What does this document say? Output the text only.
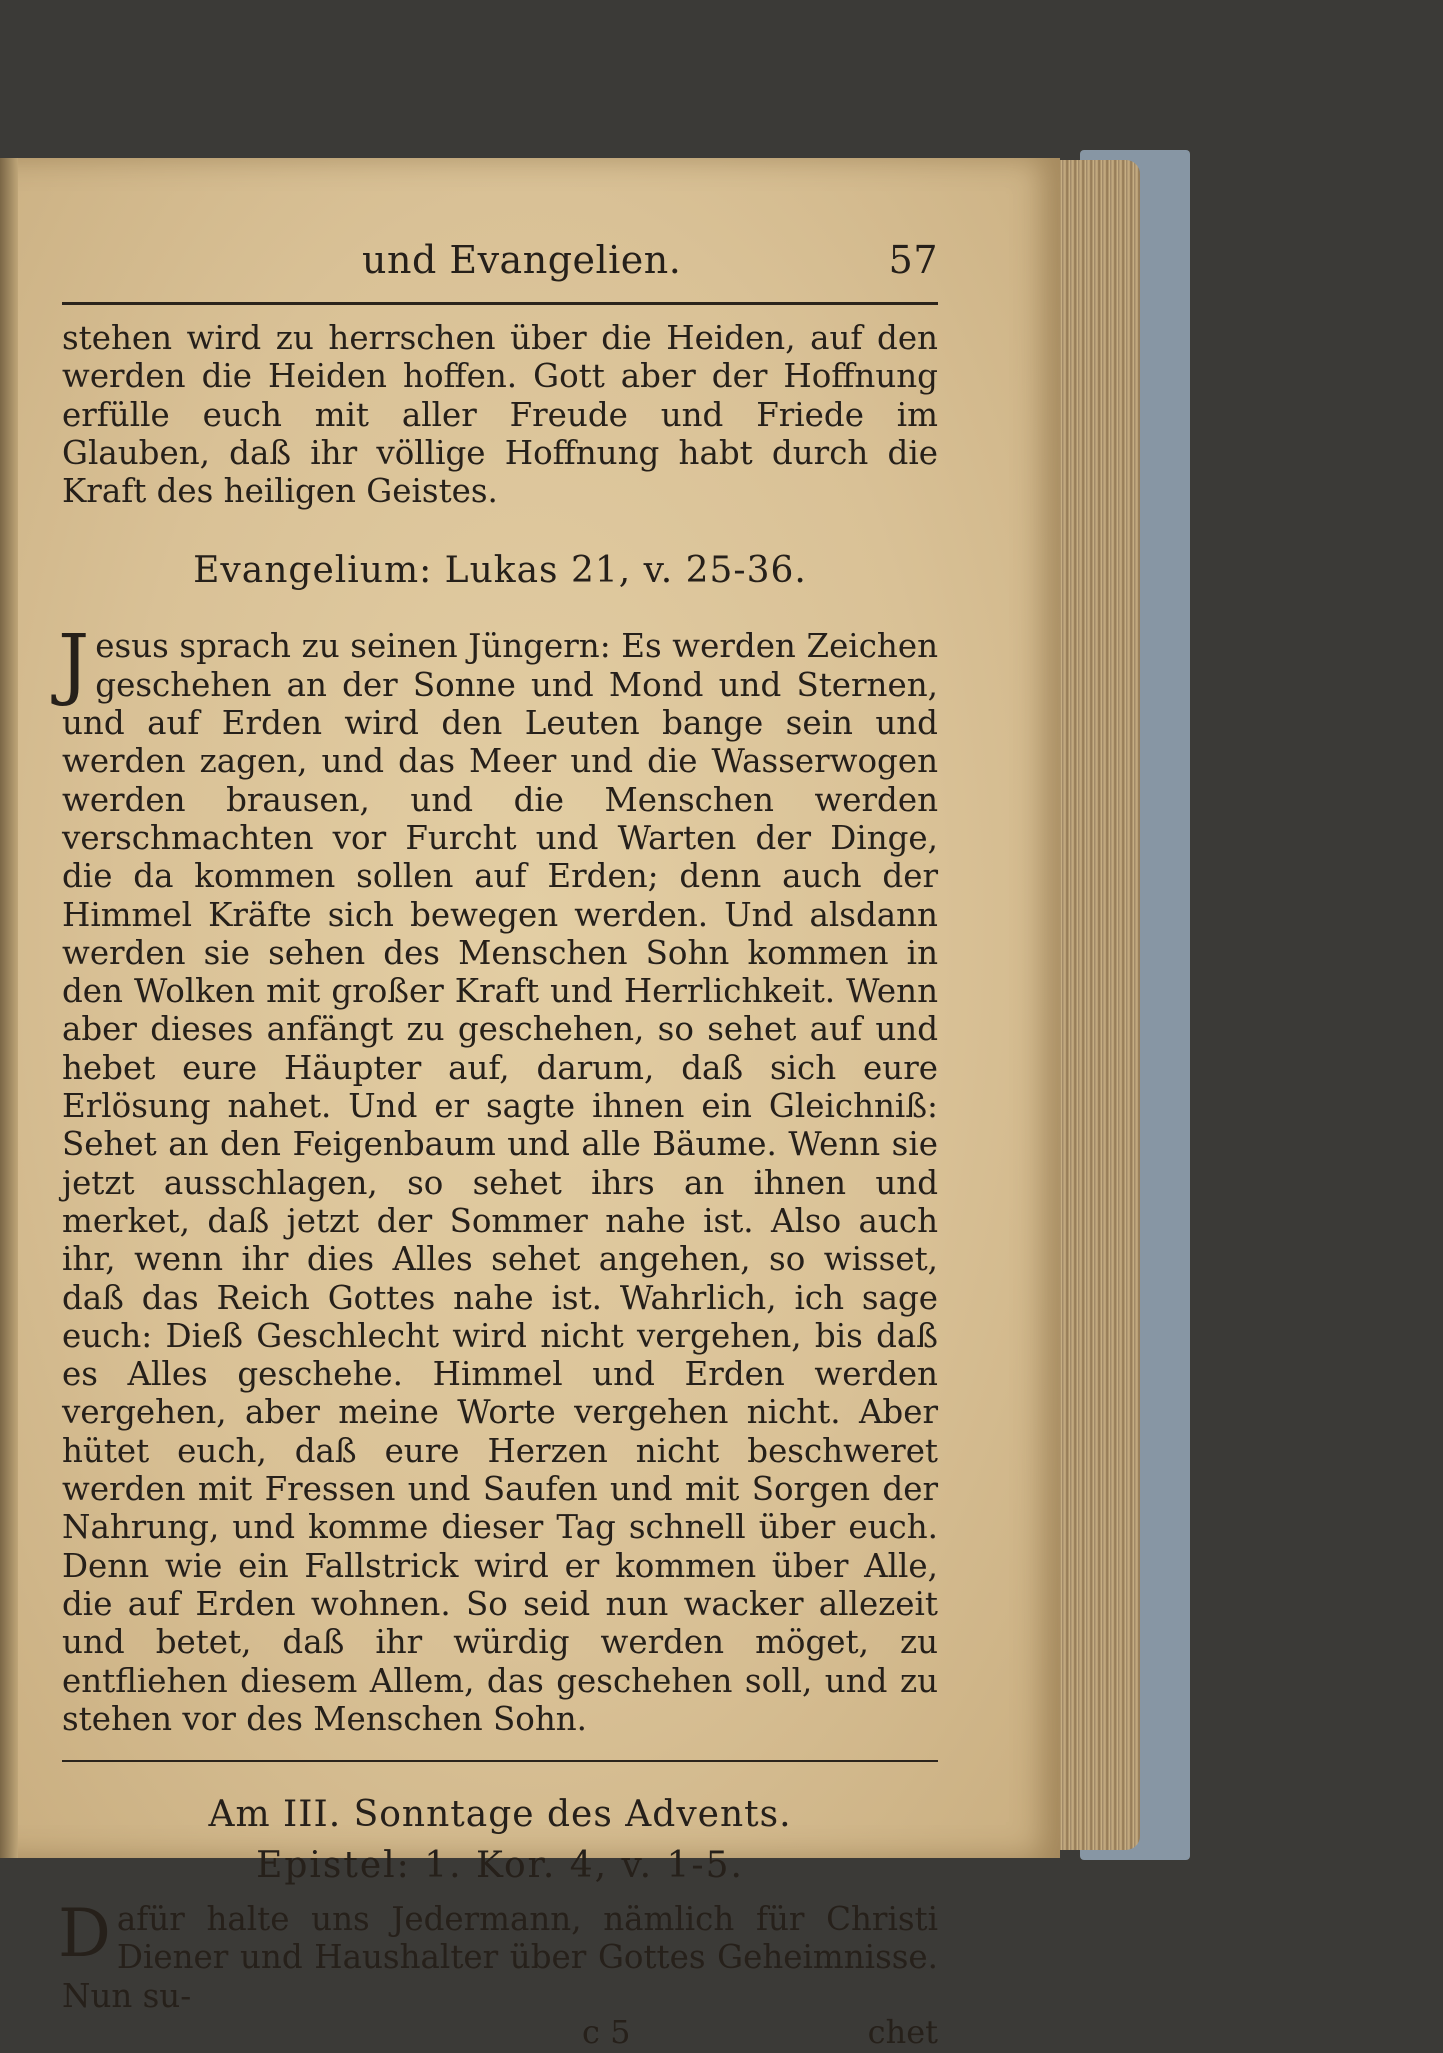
und Evangelien.	57

stehen wird zu herrschen über die Heiden, auf den werden die Heiden hoffen. Gott aber der Hoffnung erfülle euch mit aller Freude und Friede im Glauben, daß ihr völlige Hoffnung habt durch die Kraft des heiligen Geistes.

Evangelium: Lukas 21, v. 25-36.

Jesus sprach zu seinen Jüngern: Es werden Zeichen geschehen an der Sonne und Mond und Sternen, und auf Erden wird den Leuten bange sein und werden zagen, und das Meer und die Wasserwogen werden brausen, und die Menschen werden verschmachten vor Furcht und Warten der Dinge, die da kommen sollen auf Erden; denn auch der Himmel Kräfte sich bewegen werden. Und alsdann werden sie sehen des Menschen Sohn kommen in den Wolken mit großer Kraft und Herrlichkeit. Wenn aber dieses anfängt zu geschehen, so sehet auf und hebet eure Häupter auf, darum, daß sich eure Erlösung nahet. Und er sagte ihnen ein Gleichniß: Sehet an den Feigenbaum und alle Bäume. Wenn sie jetzt ausschlagen, so sehet ihrs an ihnen und merket, daß jetzt der Sommer nahe ist. Also auch ihr, wenn ihr dies Alles sehet angehen, so wisset, daß das Reich Gottes nahe ist. Wahrlich, ich sage euch: Dieß Geschlecht wird nicht vergehen, bis daß es Alles geschehe. Himmel und Erden werden vergehen, aber meine Worte vergehen nicht. Aber hütet euch, daß eure Herzen nicht beschweret werden mit Fressen und Saufen und mit Sorgen der Nahrung, und komme dieser Tag schnell über euch. Denn wie ein Fallstrick wird er kommen über Alle, die auf Erden wohnen. So seid nun wacker allezeit und betet, daß ihr würdig werden möget, zu entfliehen diesem Allem, das geschehen soll, und zu stehen vor des Menschen Sohn.

Am III. Sonntage des Advents.
Epistel: 1. Kor. 4, v. 1-5.

Dafür halte uns Jedermann, nämlich für Christi Diener und Haushalter über Gottes Geheimnisse. Nun su-

c 5	chet
